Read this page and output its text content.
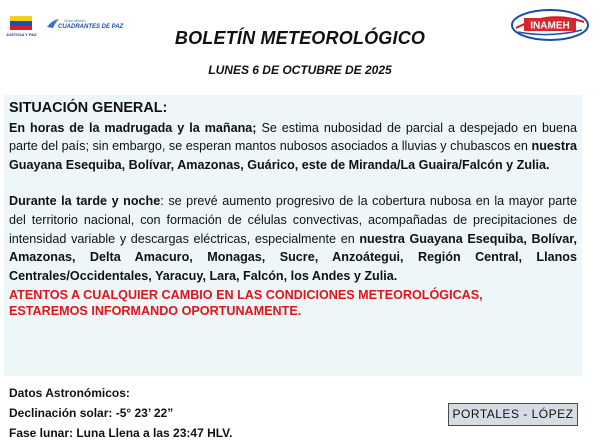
JUSTICIA Y PAZ
Gran Misión
CUADRANTES DE PAZ
BOLETÍN METEOROLÓGICO
LUNES 6 DE OCTUBRE DE 2025
INAMEH
SITUACIÓN GENERAL:

En horas de la madrugada y la mañana; Se estima nubosidad de parcial a despejado en buena parte del país; sin embargo, se esperan mantos nubosos asociados a lluvias y chubascos en nuestra Guayana Esequiba, Bolívar, Amazonas, Guárico, este de Miranda/La Guaira/Falcón y Zulia.

Durante la tarde y noche: se prevé aumento progresivo de la cobertura nubosa en la mayor parte del territorio nacional, con formación de células convectivas, acompañadas de precipitaciones de intensidad variable y descargas eléctricas, especialmente en nuestra Guayana Esequiba, Bolívar, Amazonas, Delta Amacuro, Monagas, Sucre, Anzoátegui, Región Central, Llanos Centrales/Occidentales, Yaracuy, Lara, Falcón, los Andes y Zulia.

ATENTOS A CUALQUIER CAMBIO EN LAS CONDICIONES METEOROLÓGICAS,
ESTAREMOS INFORMANDO OPORTUNAMENTE.
Datos Astronómicos:
Declinación solar: -5° 23’ 22”
Fase lunar: Luna Llena a las 23:47 HLV.
PORTALES - LÓPEZ
